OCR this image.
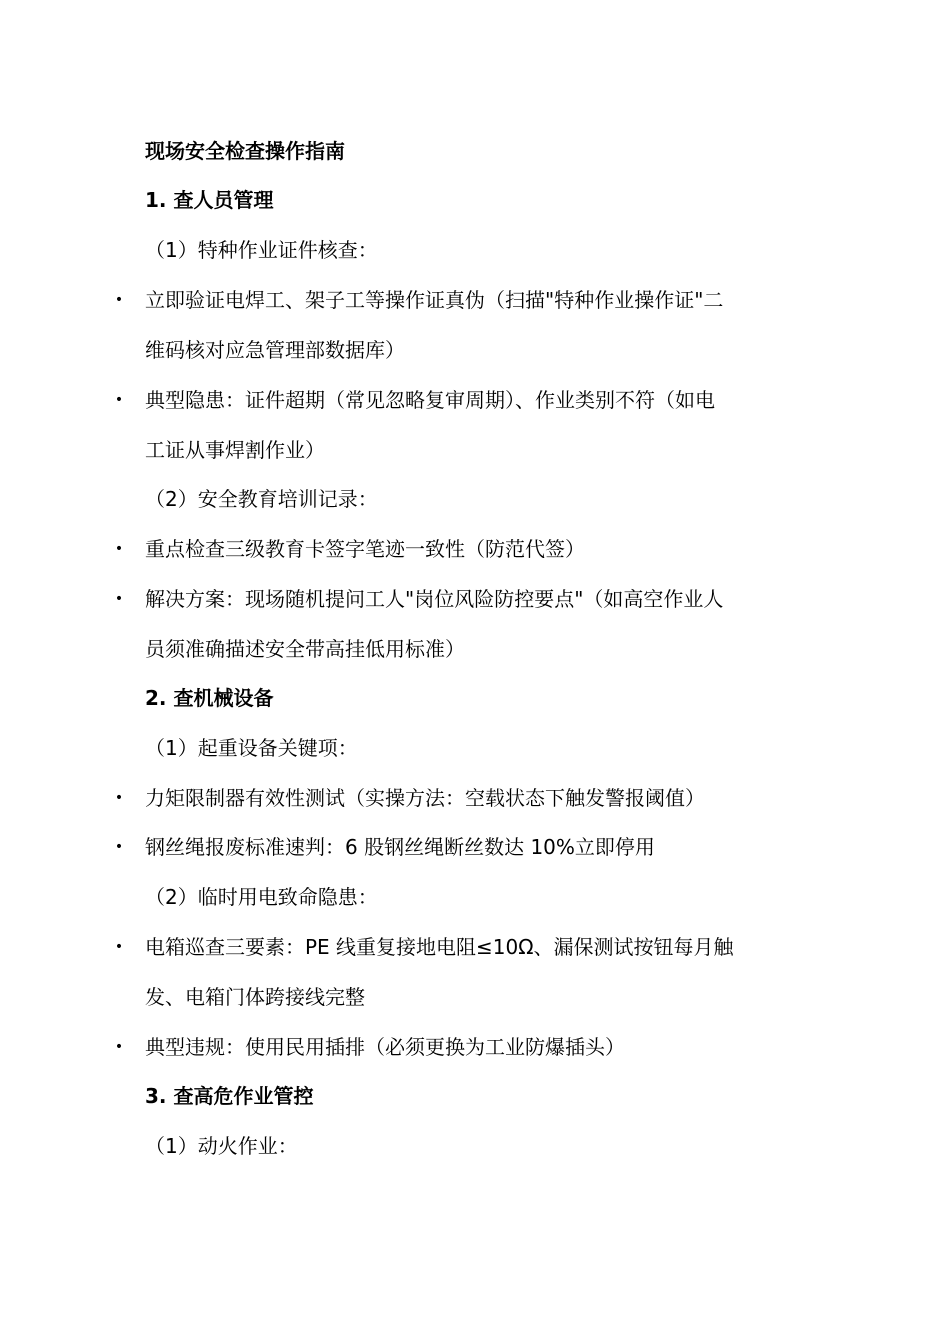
现场安全检查操作指南
1. 查人员管理
（1）特种作业证件核查：
• 立即验证电焊工、架子工等操作证真伪（扫描"特种作业操作证"二
维码核对应急管理部数据库）
• 典型隐患：证件超期（常见忽略复审周期）、作业类别不符（如电
工证从事焊割作业）
（2）安全教育培训记录：
• 重点检查三级教育卡签字笔迹一致性（防范代签）
• 解决方案：现场随机提问工人"岗位风险防控要点"（如高空作业人
员须准确描述安全带高挂低用标准）
2. 查机械设备
（1）起重设备关键项：
• 力矩限制器有效性测试（实操方法：空载状态下触发警报阈值）
• 钢丝绳报废标准速判：6 股钢丝绳断丝数达 10%立即停用
（2）临时用电致命隐患：
• 电箱巡查三要素：PE 线重复接地电阻≤10Ω、漏保测试按钮每月触
发、电箱门体跨接线完整
• 典型违规：使用民用插排（必须更换为工业防爆插头）
3. 查高危作业管控
（1）动火作业：
